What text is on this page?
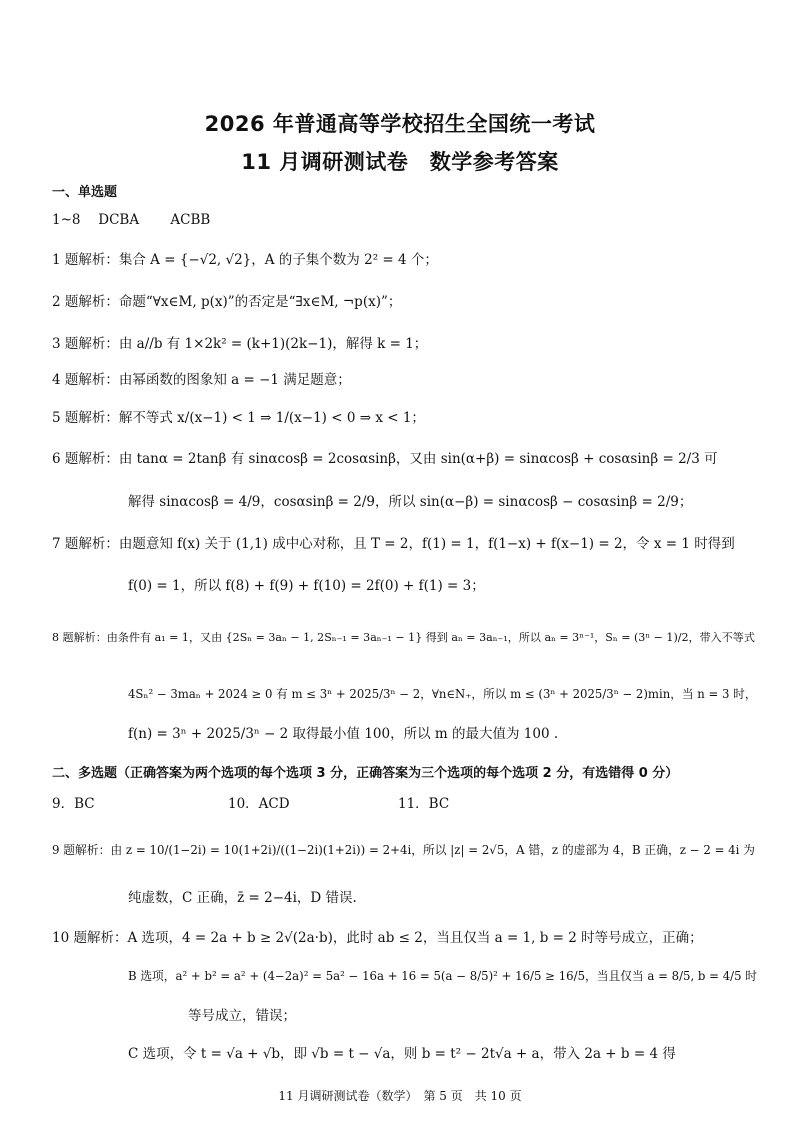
2026 年普通高等学校招生全国统一考试
11 月调研测试卷　数学参考答案
一、单选题
1~8　 DCBA　　 ACBB
1 题解析：集合 A = {−√2, √2}，A 的子集个数为 2² = 4 个；
2 题解析：命题“∀x∈M, p(x)”的否定是“∃x∈M, ¬p(x)”；
3 题解析：由 a//b 有 1×2k² = (k+1)(2k−1)，解得 k = 1；
4 题解析：由幂函数的图象知 a = −1 满足题意；
5 题解析：解不等式 x/(x−1) < 1 ⇒ 1/(x−1) < 0 ⇒ x < 1；
6 题解析：由 tanα = 2tanβ 有 sinαcosβ = 2cosαsinβ，又由 sin(α+β) = sinαcosβ + cosαsinβ = 2/3 可
解得 sinαcosβ = 4/9，cosαsinβ = 2/9，所以 sin(α−β) = sinαcosβ − cosαsinβ = 2/9；
7 题解析：由题意知 f(x) 关于 (1,1) 成中心对称，且 T = 2，f(1) = 1，f(1−x) + f(x−1) = 2，令 x = 1 时得到
f(0) = 1，所以 f(8) + f(9) + f(10) = 2f(0) + f(1) = 3；
8 题解析：由条件有 a₁ = 1，又由 {2Sₙ = 3aₙ − 1, 2Sₙ₋₁ = 3aₙ₋₁ − 1} 得到 aₙ = 3aₙ₋₁，所以 aₙ = 3ⁿ⁻¹，Sₙ = (3ⁿ − 1)/2，带入不等式
4Sₙ² − 3maₙ + 2024 ≥ 0 有 m ≤ 3ⁿ + 2025/3ⁿ − 2，∀n∈N₊，所以 m ≤ (3ⁿ + 2025/3ⁿ − 2)min，当 n = 3 时，
f(n) = 3ⁿ + 2025/3ⁿ − 2 取得最小值 100，所以 m 的最大值为 100 .
二、多选题（正确答案为两个选项的每个选项 3 分，正确答案为三个选项的每个选项 2 分，有选错得 0 分）
9．BC	10．ACD	11．BC
9 题解析：由 z = 10/(1−2i) = 10(1+2i)/((1−2i)(1+2i)) = 2+4i，所以 |z| = 2√5，A 错，z 的虚部为 4，B 正确，z − 2 = 4i 为
纯虚数，C 正确，z̄ = 2−4i，D 错误.
10 题解析：A 选项，4 = 2a + b ≥ 2√(2a·b)，此时 ab ≤ 2，当且仅当 a = 1, b = 2 时等号成立，正确；
B 选项，a² + b² = a² + (4−2a)² = 5a² − 16a + 16 = 5(a − 8/5)² + 16/5 ≥ 16/5，当且仅当 a = 8/5, b = 4/5 时
等号成立，错误；
C 选项，令 t = √a + √b，即 √b = t − √a，则 b = t² − 2t√a + a，带入 2a + b = 4 得
11 月调研测试卷（数学）　第 5 页　共 10 页
